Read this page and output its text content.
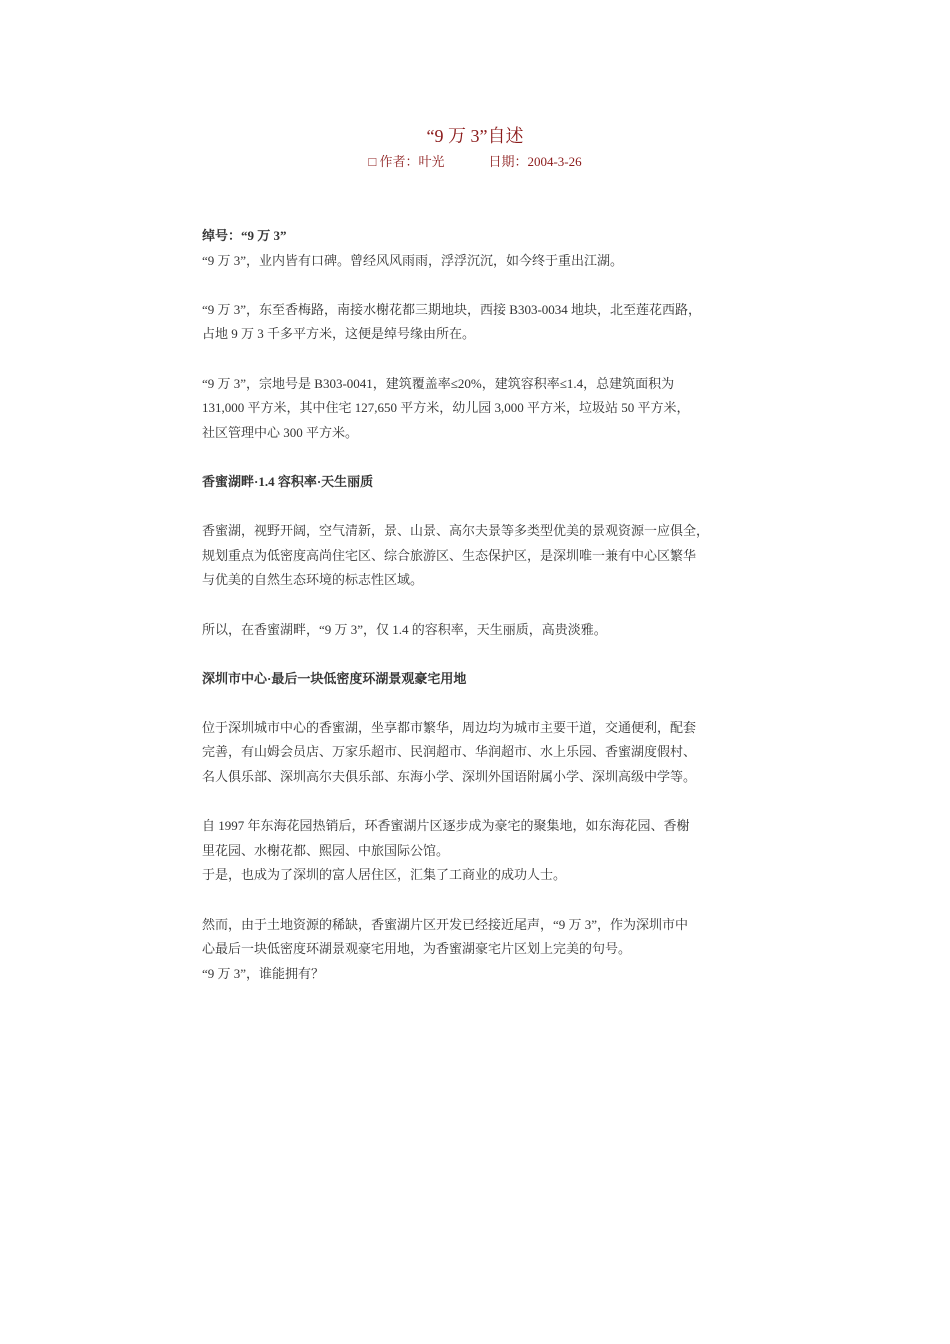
“9 万 3”自述
□ 作者：叶光	日期：2004-3-26

绰号：“9 万 3”

“9 万 3”，业内皆有口碑。曾经风风雨雨，浮浮沉沉，如今终于重出江湖。

“9 万 3”，东至香梅路，南接水榭花都三期地块，西接 B303-0034 地块，北至莲花西路，

占地 9 万 3 千多平方米，这便是绰号缘由所在。

“9 万 3”，宗地号是 B303-0041，建筑覆盖率≤20%，建筑容积率≤1.4，总建筑面积为

131,000 平方米，其中住宅 127,650 平方米，幼儿园 3,000 平方米，垃圾站 50 平方米，

社区管理中心 300 平方米。

香蜜湖畔·1.4 容积率·天生丽质

香蜜湖，视野开阔，空气清新，景、山景、高尔夫景等多类型优美的景观资源一应俱全，

规划重点为低密度高尚住宅区、综合旅游区、生态保护区，是深圳唯一兼有中心区繁华

与优美的自然生态环境的标志性区域。

所以，在香蜜湖畔，“9 万 3”，仅 1.4 的容积率，天生丽质，高贵淡雅。

深圳市中心·最后一块低密度环湖景观豪宅用地

位于深圳城市中心的香蜜湖，坐享都市繁华，周边均为城市主要干道，交通便利，配套

完善，有山姆会员店、万家乐超市、民润超市、华润超市、水上乐园、香蜜湖度假村、

名人俱乐部、深圳高尔夫俱乐部、东海小学、深圳外国语附属小学、深圳高级中学等。

自 1997 年东海花园热销后，环香蜜湖片区逐步成为豪宅的聚集地，如东海花园、香榭

里花园、水榭花都、熙园、中旅国际公馆。

于是，也成为了深圳的富人居住区，汇集了工商业的成功人士。

然而，由于土地资源的稀缺，香蜜湖片区开发已经接近尾声，“9 万 3”，作为深圳市中

心最后一块低密度环湖景观豪宅用地，为香蜜湖豪宅片区划上完美的句号。

“9 万 3”，谁能拥有？
